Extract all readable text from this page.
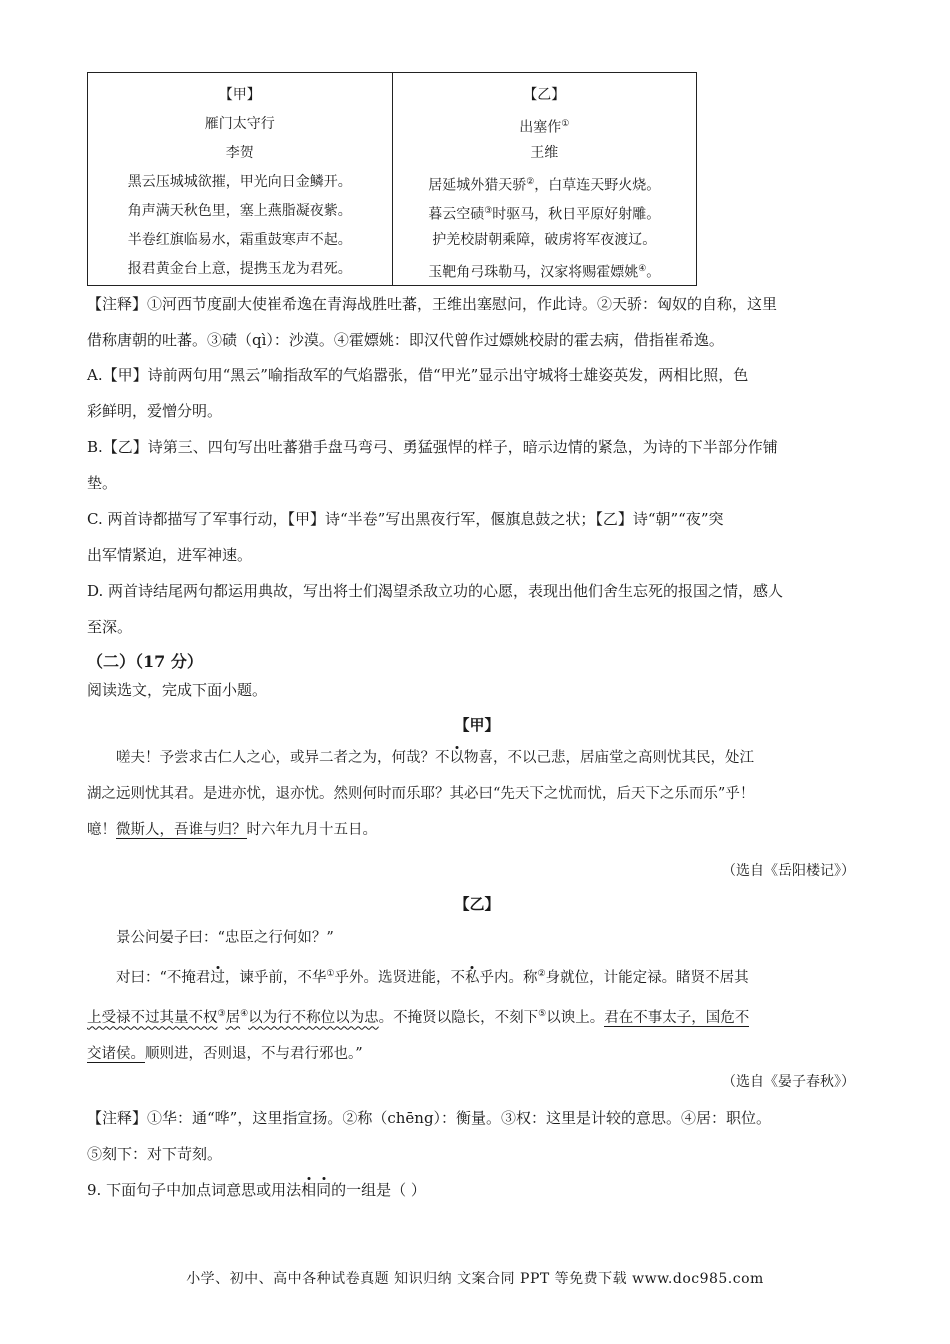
【甲】
雁门太守行
李贺
黑云压城城欲摧，甲光向日金鳞开。
角声满天秋色里，塞上燕脂凝夜紫。
半卷红旗临易水，霜重鼓寒声不起。
报君黄金台上意，提携玉龙为君死。
【乙】
出塞作①
王维
居延城外猎天骄②，白草连天野火烧。
暮云空碛③时驱马，秋日平原好射雕。
护羌校尉朝乘障，破虏将军夜渡辽。
玉靶角弓珠勒马，汉家将赐霍嫖姚④。

【注释】①河西节度副大使崔希逸在青海战胜吐蕃，王维出塞慰问，作此诗。②天骄：匈奴的自称，这里

借称唐朝的吐蕃。③碛（qì）：沙漠。④霍嫖姚：即汉代曾作过嫖姚校尉的霍去病，借指崔希逸。

A.【甲】诗前两句用“黑云”喻指敌军的气焰嚣张，借“甲光”显示出守城将士雄姿英发，两相比照，色

彩鲜明，爱憎分明。

B.【乙】诗第三、四句写出吐蕃猎手盘马弯弓、勇猛强悍的样子，暗示边情的紧急，为诗的下半部分作铺

垫。

C. 两首诗都描写了军事行动，【甲】诗“半卷”写出黑夜行军，偃旗息鼓之状；【乙】诗“朝”“夜”突

出军情紧迫，进军神速。

D. 两首诗结尾两句都运用典故，写出将士们渴望杀敌立功的心愿，表现出他们舍生忘死的报国之情，感人

至深。

（二）（17 分）

阅读选文，完成下面小题。

【甲】

嗟夫！予尝求古仁人之心，或异二者之为，何哉？不以物喜，不以己悲，居庙堂之高则忧其民，处江

湖之远则忧其君。是进亦忧，退亦忧。然则何时而乐耶？其必曰“先天下之忧而忧，后天下之乐而乐”乎！

噫！微斯人，吾谁与归？时六年九月十五日。

（选自《岳阳楼记》）
【乙】

景公问晏子曰：“忠臣之行何如？”

对曰：“不掩君过，谏乎前，不华①乎外。选贤进能，不私乎内。称②身就位，计能定禄。睹贤不居其

上受禄不过其量不权③居④以为行不称位以为忠。不掩贤以隐长，不刻下⑤以谀上。君在不事太子，国危不

交诸侯。顺则进，否则退，不与君行邪也。”

（选自《晏子春秋》）

【注释】①华：通“哗”，这里指宣扬。②称（chēng）：衡量。③权：这里是计较的意思。④居：职位。

⑤刻下：对下苛刻。

9. 下面句子中加点词意思或用法相同的一组是（ ）

小学、初中、高中各种试卷真题 知识归纳 文案合同 PPT 等免费下载 www.doc985.com
